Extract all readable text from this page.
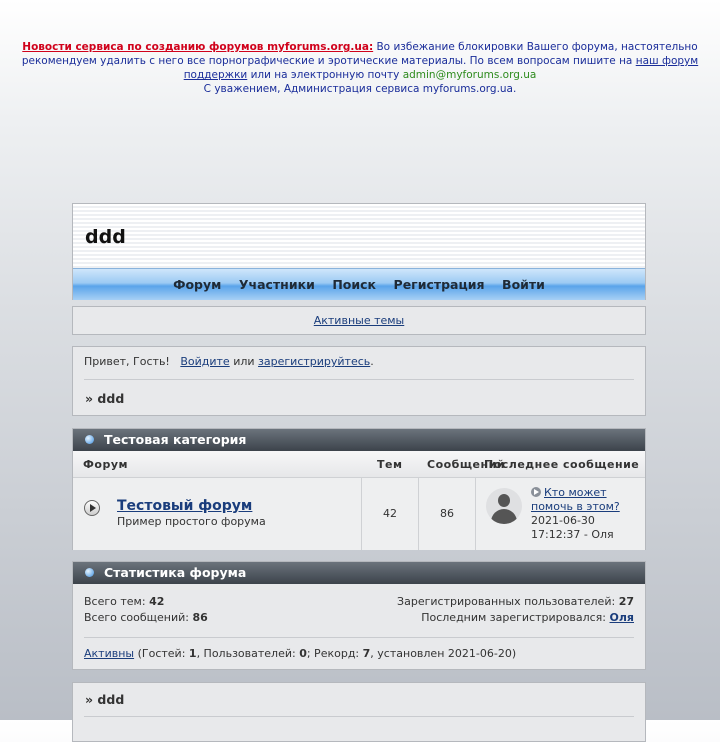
Новости сервиса по созданию форумов myforums.org.ua: Во избежание блокировки Вашего форума, настоятельно рекомендуем удалить с него все порнографические и эротические материалы. По всем вопросам пишите на наш форум поддержки или на электронную почту admin@myforums.org.ua
С уважением, Администрация сервиса myforums.org.ua.
ddd
Форум Участники Поиск Регистрация Войти
Активные темы
Привет, Гость! Войдите или зарегистрируйтесь.
» ddd
Тестовая категория
Форум	Тем Сообщений
Последнее сообщение
Тестовый форум
Пример простого форума
42	86
Кто может помочь в этом?
2021-06-30
17:12:37 - Оля
Статистика форума
Всего тем: 42
Всего сообщений: 86
Зарегистрированных пользователей: 27
Последним зарегистрировался: Оля
Активны (Гостей: 1, Пользователей: 0; Рекорд: 7, установлен 2021-06-20)
» ddd
